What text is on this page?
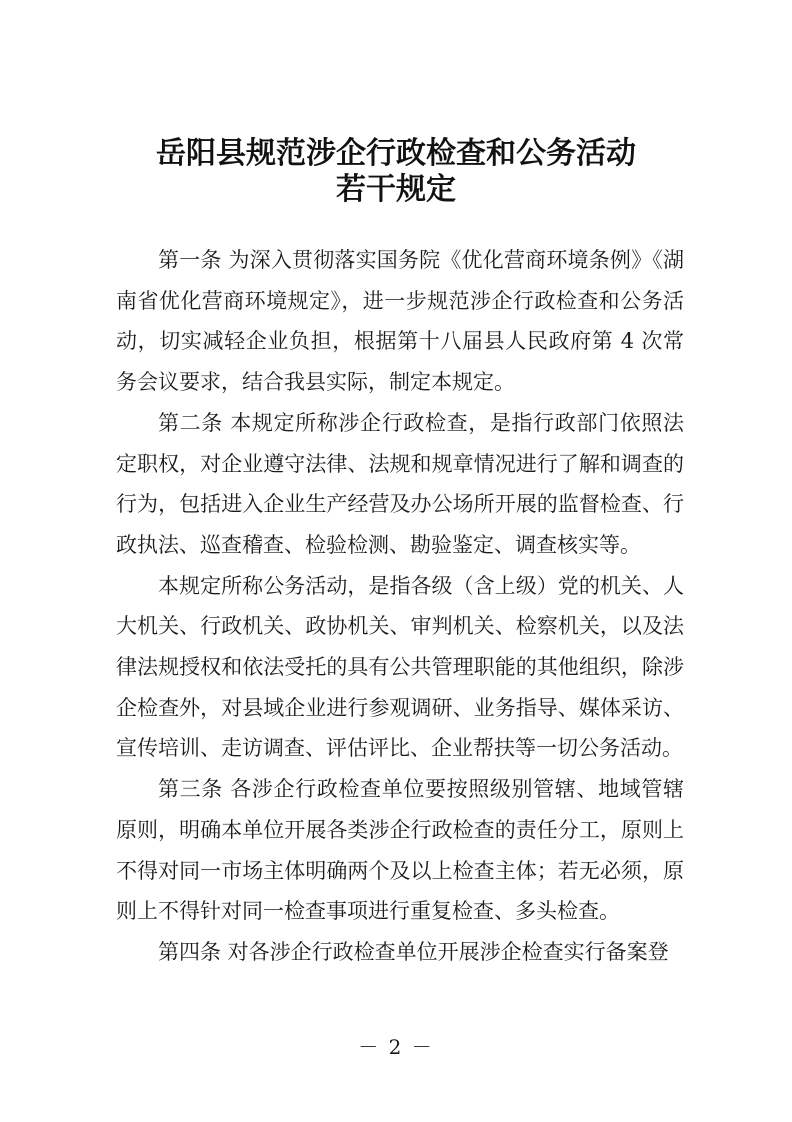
岳阳县规范涉企行政检查和公务活动
若干规定

第一条 为深入贯彻落实国务院《优化营商环境条例》《湖南省优化营商环境规定》，进一步规范涉企行政检查和公务活动，切实减轻企业负担，根据第十八届县人民政府第 4 次常务会议要求，结合我县实际，制定本规定。

第二条 本规定所称涉企行政检查，是指行政部门依照法定职权，对企业遵守法律、法规和规章情况进行了解和调查的行为，包括进入企业生产经营及办公场所开展的监督检查、行政执法、巡查稽查、检验检测、勘验鉴定、调查核实等。

本规定所称公务活动，是指各级（含上级）党的机关、人大机关、行政机关、政协机关、审判机关、检察机关，以及法律法规授权和依法受托的具有公共管理职能的其他组织，除涉企检查外，对县域企业进行参观调研、业务指导、媒体采访、宣传培训、走访调查、评估评比、企业帮扶等一切公务活动。

第三条 各涉企行政检查单位要按照级别管辖、地域管辖原则，明确本单位开展各类涉企行政检查的责任分工，原则上不得对同一市场主体明确两个及以上检查主体；若无必须，原则上不得针对同一检查事项进行重复检查、多头检查。

第四条 对各涉企行政检查单位开展涉企检查实行备案登

－ 2 －
